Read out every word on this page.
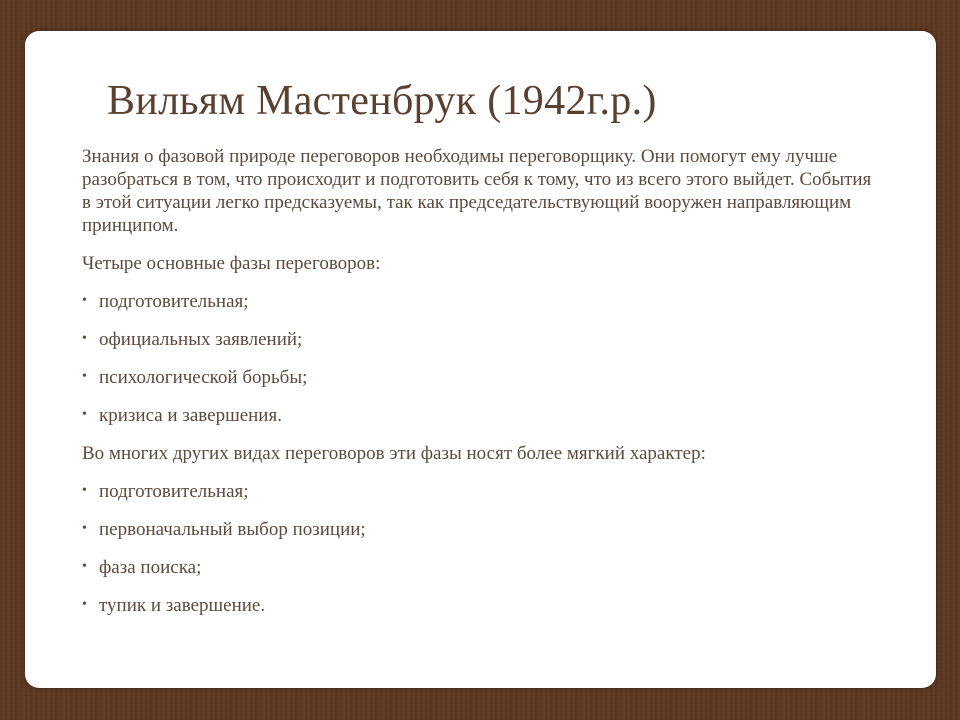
Вильям Мастенбрук (1942г.р.)

Знания о фазовой природе переговоров необходимы переговорщику. Они помогут ему лучше разобраться в том, что происходит и подготовить себя к тому, что из всего этого выйдет. События в этой ситуации легко предсказуемы, так как председательствующий вооружен направляющим принципом.

Четыре основные фазы переговоров:

• подготовительная;
• официальных заявлений;
• психологической борьбы;
• кризиса и завершения.

Во многих других видах переговоров эти фазы носят более мягкий характер:

• подготовительная;
• первоначальный выбор позиции;
• фаза поиска;
• тупик и завершение.
